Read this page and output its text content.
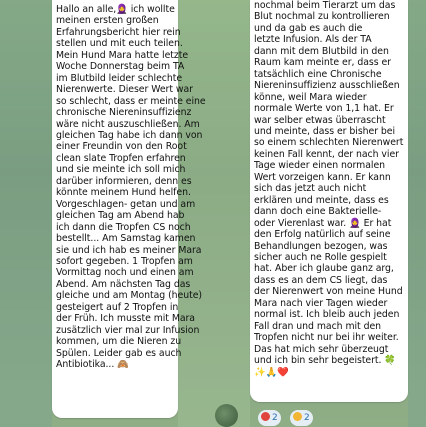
Hallo an alle,🧕 ich wollte
meinen ersten großen
Erfahrungsbericht hier rein
stellen und mit euch teilen.
Mein Hund Mara hatte letzte
Woche Donnerstag beim TA
im Blutbild leider schlechte
Nierenwerte. Dieser Wert war
so schlecht, dass er meinte eine
chronische Niereninsuffizienz
wäre nicht auszuschließen. Am
gleichen Tag habe ich dann von
einer Freundin von den Root
clean slate Tropfen erfahren
und sie meinte ich soll mich
darüber informieren, denn es
könnte meinem Hund helfen.
Vorgeschlagen- getan und am
gleichen Tag am Abend hab
ich dann die Tropfen CS noch
bestellt... Am Samstag kamen
sie und ich hab es meiner Mara
sofort gegeben. 1 Tropfen am
Vormittag noch und einen am
Abend. Am nächsten Tag das
gleiche und am Montag (heute)
gesteigert auf 2 Tropfen in
der Früh. Ich musste mit Mara
zusätzlich vier mal zur Infusion
kommen, um die Nieren zu
Spülen. Leider gab es auch
Antibiotika... 🙈
nochmal beim Tierarzt um das
Blut nochmal zu kontrollieren
und da gab es auch die
letzte Infusion. Als der TA
dann mit dem Blutbild in den
Raum kam meinte er, dass er
tatsächlich eine Chronische
Niereninsuffizienz ausschließen
könne, weil Mara wieder
normale Werte von 1,1 hat. Er
war selber etwas überrascht
und meinte, dass er bisher bei
so einem schlechten Nierenwert
keinen Fall kennt, der nach vier
Tage wieder einen normalen
Wert vorzeigen kann. Er kann
sich das jetzt auch nicht
erklären und meinte, dass es
dann doch eine Bakterielle-
oder Vierenlast war. 🧕 Er hat
den Erfolg natürlich auf seine
Behandlungen bezogen, was
sicher auch ne Rolle gespielt
hat. Aber ich glaube ganz arg,
dass es an dem CS liegt, das
der Nierenwert von meine Hund
Mara nach vier Tagen wieder
normal ist. Ich bleib auch jeden
Fall dran und mach mit den
Tropfen nicht nur bei ihr weiter.
Das hat mich sehr überzeugt
und ich bin sehr begeistert. 🍀
✨🙏❤️
2	2
